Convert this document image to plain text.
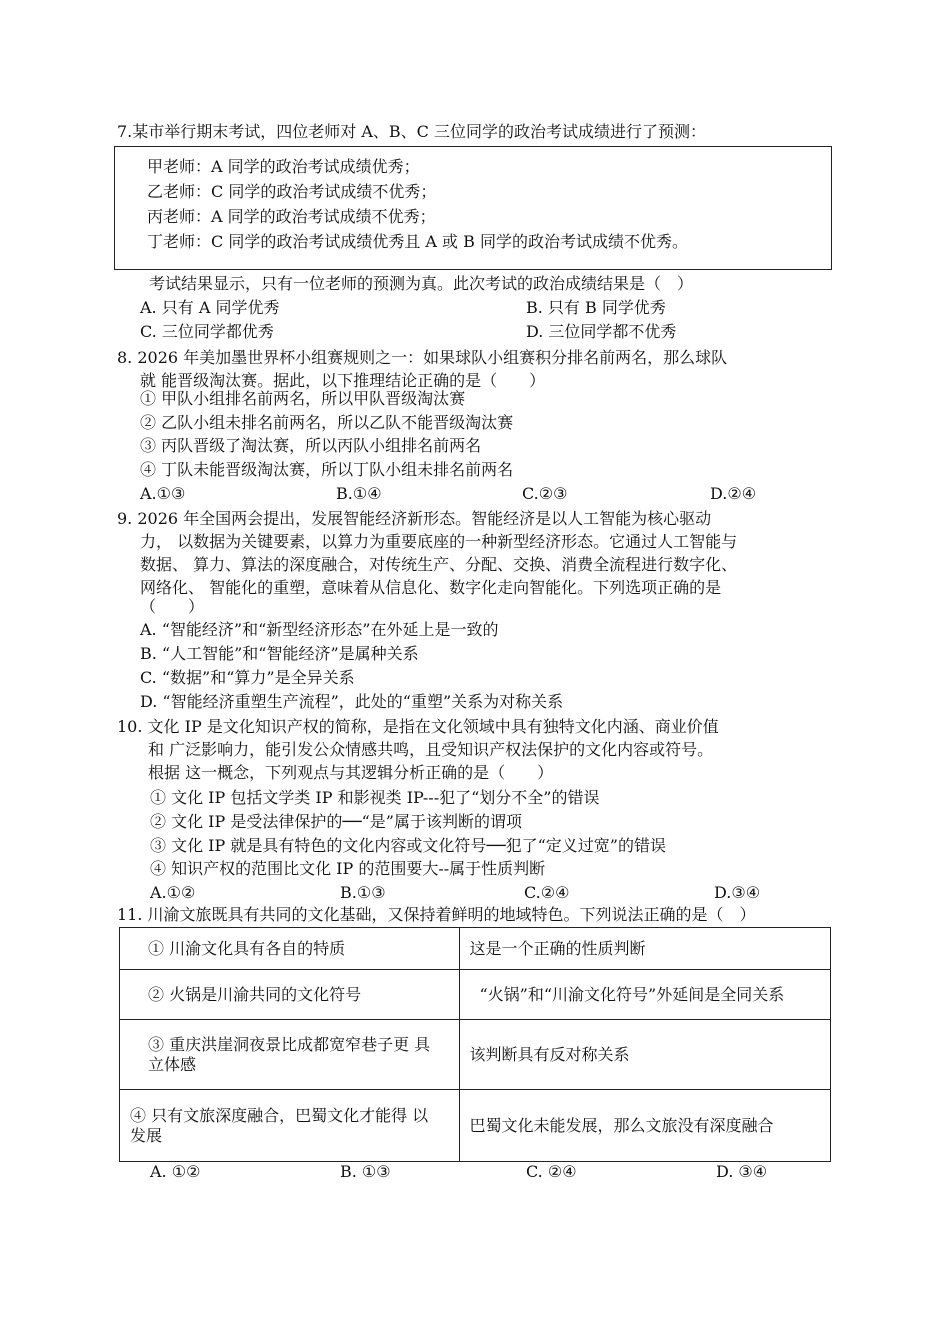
7.某市举行期末考试，四位老师对 A、B、C 三位同学的政治考试成绩进行了预测：
甲老师：A 同学的政治考试成绩优秀；
乙老师：C 同学的政治考试成绩不优秀；
丙老师：A 同学的政治考试成绩不优秀；
丁老师：C 同学的政治考试成绩优秀且 A 或 B 同学的政治考试成绩不优秀。
考试结果显示，只有一位老师的预测为真。此次考试的政治成绩结果是（　）
A. 只有 A 同学优秀	B. 只有 B 同学优秀
C. 三位同学都优秀	D. 三位同学都不优秀
8. 2026 年美加墨世界杯小组赛规则之一：如果球队小组赛积分排名前两名，那么球队
就 能晋级淘汰赛。据此，以下推理结论正确的是（　　）
① 甲队小组排名前两名，所以甲队晋级淘汰赛
② 乙队小组未排名前两名，所以乙队不能晋级淘汰赛
③ 丙队晋级了淘汰赛，所以丙队小组排名前两名
④ 丁队未能晋级淘汰赛，所以丁队小组未排名前两名
A.①③	B.①④	C.②③	D.②④
9. 2026 年全国两会提出，发展智能经济新形态。智能经济是以人工智能为核心驱动
力， 以数据为关键要素，以算力为重要底座的一种新型经济形态。它通过人工智能与
数据、 算力、算法的深度融合，对传统生产、分配、交换、消费全流程进行数字化、
网络化、 智能化的重塑，意味着从信息化、数字化走向智能化。下列选项正确的是
（　　）
A. “智能经济”和“新型经济形态”在外延上是一致的
B. “人工智能”和“智能经济”是属种关系
C. “数据”和“算力”是全异关系
D. “智能经济重塑生产流程”，此处的“重塑”关系为对称关系
10. 文化 IP 是文化知识产权的简称，是指在文化领域中具有独特文化内涵、商业价值
和 广泛影响力，能引发公众情感共鸣，且受知识产权法保护的文化内容或符号。
根据 这一概念，下列观点与其逻辑分析正确的是（　　）
① 文化 IP 包括文学类 IP 和影视类 IP---犯了“划分不全”的错误
② 文化 IP 是受法律保护的──“是”属于该判断的谓项
③ 文化 IP 就是具有特色的文化内容或文化符号──犯了“定义过宽”的错误
④ 知识产权的范围比文化 IP 的范围要大--属于性质判断
A.①②	B.①③	C.②④	D.③④
11. 川渝文旅既具有共同的文化基础，又保持着鲜明的地域特色。下列说法正确的是（　）
① 川渝文化具有各自的特质	这是一个正确的性质判断
② 火锅是川渝共同的文化符号	“火锅”和“川渝文化符号”外延间是全同关系
③ 重庆洪崖洞夜景比成都宽窄巷子更 具立体感	该判断具有反对称关系
④ 只有文旅深度融合，巴蜀文化才能得 以发展	巴蜀文化未能发展，那么文旅没有深度融合
A. ①②	B. ①③	C. ②④	D. ③④
